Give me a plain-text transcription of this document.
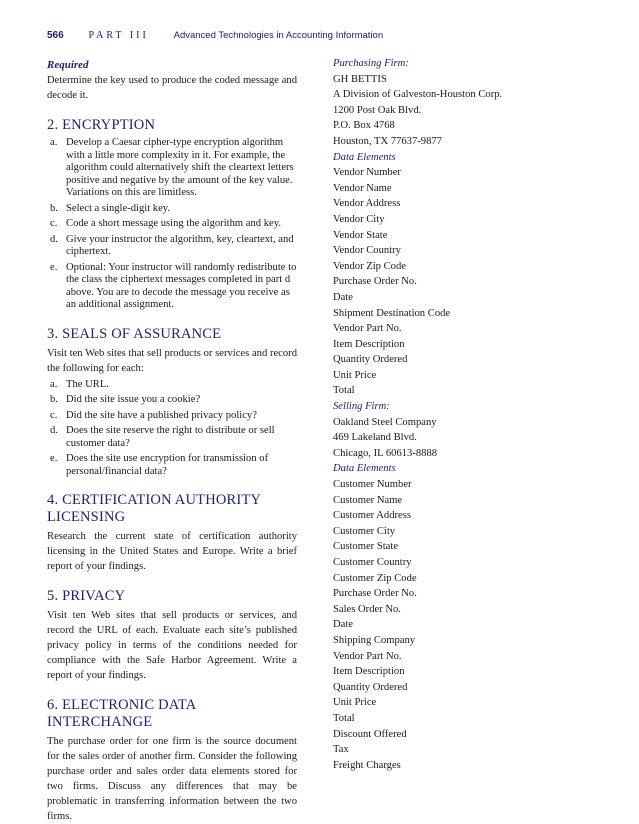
566 PART III	Advanced Technologies in Accounting Information
Required

Determine the key used to produce the coded message and decode it.

2. ENCRYPTION
a. Develop a Caesar cipher-type encryption algorithm with a little more complexity in it. For example, the algorithm could alternatively shift the cleartext letters positive and negative by the amount of the key value. Variations on this are limitless.
b. Select a single-digit key.
c. Code a short message using the algorithm and key.
d. Give your instructor the algorithm, key, cleartext, and ciphertext.
e. Optional: Your instructor will randomly redistribute to the class the ciphertext messages completed in part d above. You are to decode the message you receive as an additional assignment.
3. SEALS OF ASSURANCE

Visit ten Web sites that sell products or services and record the following for each:

a. The URL.
b. Did the site issue you a cookie?
c. Did the site have a published privacy policy?
d. Does the site reserve the right to distribute or sell customer data?
e. Does the site use encryption for transmission of personal/financial data?
4. CERTIFICATION AUTHORITY LICENSING

Research the current state of certification authority licensing in the United States and Europe. Write a brief report of your findings.

5. PRIVACY

Visit ten Web sites that sell products or services, and record the URL of each. Evaluate each site’s published privacy policy in terms of the conditions needed for compliance with the Safe Harbor Agreement. Write a report of your findings.

6. ELECTRONIC DATA INTERCHANGE

The purchase order for one firm is the source document for the sales order of another firm. Consider the following purchase order and sales order data elements stored for two firms. Discuss any differences that may be problematic in transferring information between the two firms.

Purchasing Firm:
GH BETTIS
A Division of Galveston-Houston Corp.
1200 Post Oak Blvd.
P.O. Box 4768
Houston, TX 77637-9877
Data Elements
Vendor Number
Vendor Name
Vendor Address
Vendor City
Vendor State
Vendor Country
Vendor Zip Code
Purchase Order No.
Date
Shipment Destination Code
Vendor Part No.
Item Description
Quantity Ordered
Unit Price
Total
Selling Firm:
Oakland Steel Company
469 Lakeland Blvd.
Chicago, IL 60613-8888
Data Elements
Customer Number
Customer Name
Customer Address
Customer City
Customer State
Customer Country
Customer Zip Code
Purchase Order No.
Sales Order No.
Date
Shipping Company
Vendor Part No.
Item Description
Quantity Ordered
Unit Price
Total
Discount Offered
Tax
Freight Charges
